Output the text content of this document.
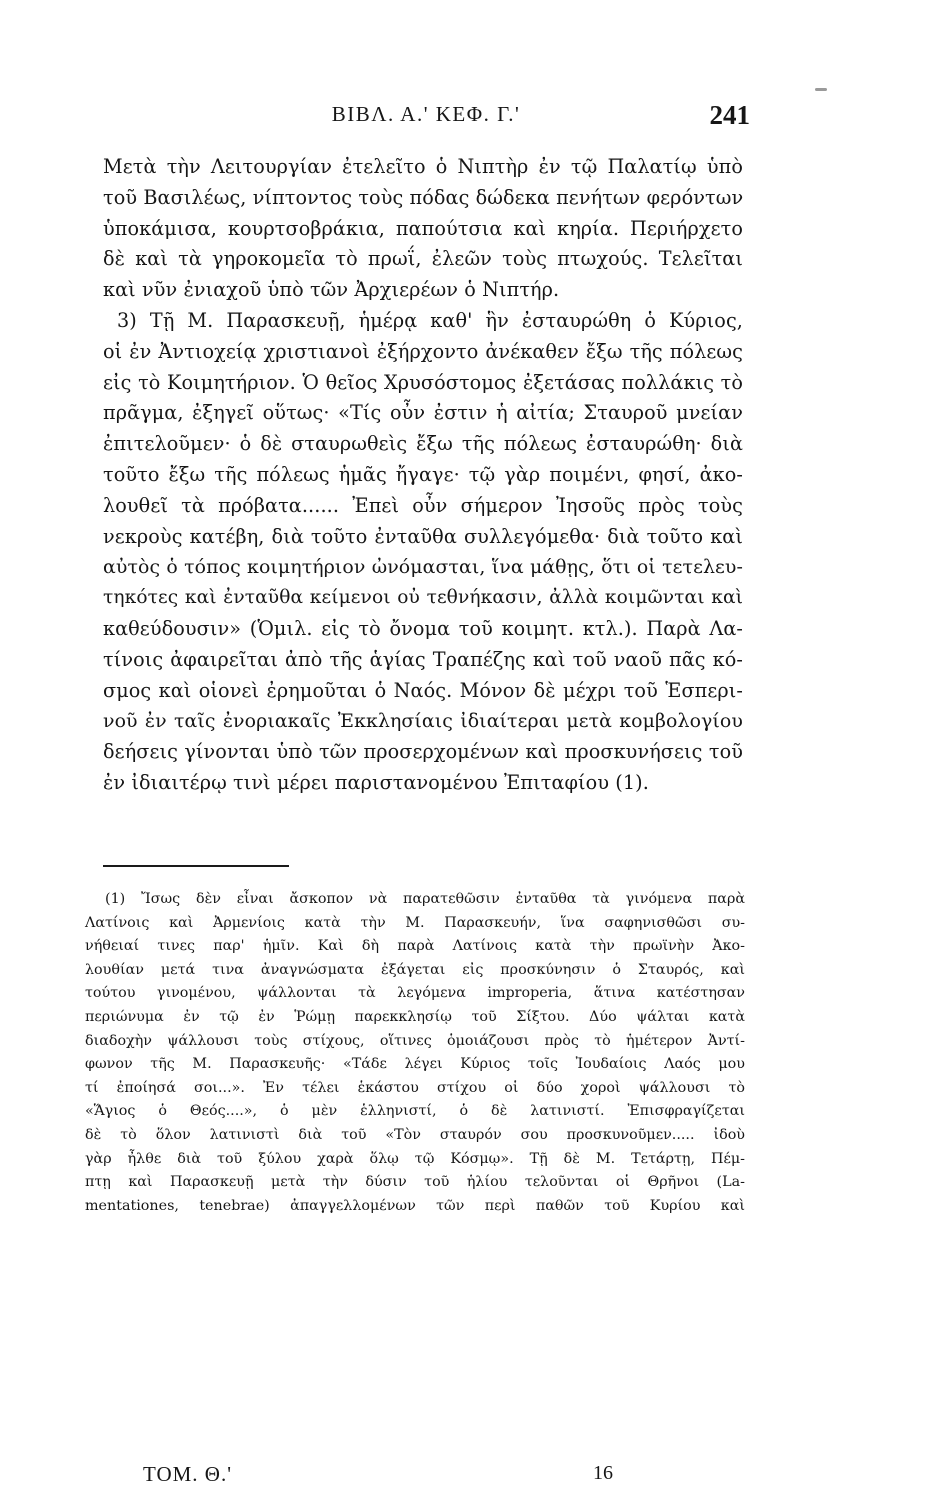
ΒΙΒΛ. Α.' ΚΕΦ. Γ.'	241
Μετὰ τὴν Λειτουργίαν ἐτελεῖτο ὁ Νιπτὴρ ἐν τῷ Παλατίῳ ὑπὸ
τοῦ Βασιλέως, νίπτοντος τοὺς πόδας δώδεκα πενήτων φερόντων
ὑποκάμισα, κουρτσοβράκια, παπούτσια καὶ κηρία. Περιήρχετο
δὲ καὶ τὰ γηροκομεῖα τὸ πρωΐ, ἐλεῶν τοὺς πτωχούς. Τελεῖται
καὶ νῦν ἐνιαχοῦ ὑπὸ τῶν Ἀρχιερέων ὁ Νιπτήρ.
3) Τῇ Μ. Παρασκευῇ, ἡμέρᾳ καθ' ἣν ἐσταυρώθη ὁ Κύριος,
οἱ ἐν Ἀντιοχείᾳ χριστιανοὶ ἐξήρχοντο ἀνέκαθεν ἔξω τῆς πόλεως
εἰς τὸ Κοιμητήριον. Ὁ θεῖος Χρυσόστομος ἐξετάσας πολλάκις τὸ
πρᾶγμα, ἐξηγεῖ οὕτως· «Τίς οὖν ἐστιν ἡ αἰτία; Σταυροῦ μνείαν
ἐπιτελοῦμεν· ὁ δὲ σταυρωθεὶς ἔξω τῆς πόλεως ἐσταυρώθη· διὰ
τοῦτο ἔξω τῆς πόλεως ἡμᾶς ἤγαγε· τῷ γὰρ ποιμένι, φησί, ἀκο-
λουθεῖ τὰ πρόβατα...... Ἐπεὶ οὖν σήμερον Ἰησοῦς πρὸς τοὺς
νεκροὺς κατέβη, διὰ τοῦτο ἐνταῦθα συλλεγόμεθα· διὰ τοῦτο καὶ
αὐτὸς ὁ τόπος κοιμητήριον ὠνόμασται, ἵνα μάθῃς, ὅτι οἱ τετελευ-
τηκότες καὶ ἐνταῦθα κείμενοι οὐ τεθνήκασιν, ἀλλὰ κοιμῶνται καὶ
καθεύδουσιν» (Ὁμιλ. εἰς τὸ ὄνομα τοῦ κοιμητ. κτλ.). Παρὰ Λα-
τίνοις ἀφαιρεῖται ἀπὸ τῆς ἁγίας Τραπέζης καὶ τοῦ ναοῦ πᾶς κό-
σμος καὶ οἱονεὶ ἐρημοῦται ὁ Ναός. Μόνον δὲ μέχρι τοῦ Ἑσπερι-
νοῦ ἐν ταῖς ἐνοριακαῖς Ἐκκλησίαις ἰδιαίτεραι μετὰ κομβολογίου
δεήσεις γίνονται ὑπὸ τῶν προσερχομένων καὶ προσκυνήσεις τοῦ
ἐν ἰδιαιτέρῳ τινὶ μέρει παριστανομένου Ἐπιταφίου (1).
(1) Ἴσως δὲν εἶναι ἄσκοπον νὰ παρατεθῶσιν ἐνταῦθα τὰ γινόμενα παρὰ
Λατίνοις καὶ Ἀρμενίοις κατὰ τὴν Μ. Παρασκευήν, ἵνα σαφηνισθῶσι συ-
νήθειαί τινες παρ' ἡμῖν. Καὶ δὴ παρὰ Λατίνοις κατὰ τὴν πρωϊνὴν Ἀκο-
λουθίαν μετά τινα ἀναγνώσματα ἐξάγεται εἰς προσκύνησιν ὁ Σταυρός, καὶ
τούτου γινομένου, ψάλλονται τὰ λεγόμενα improperia, ἅτινα κατέστησαν
περιώνυμα ἐν τῷ ἐν Ῥώμῃ παρεκκλησίῳ τοῦ Σίξτου. Δύο ψάλται κατὰ
διαδοχὴν ψάλλουσι τοὺς στίχους, οἵτινες ὁμοιάζουσι πρὸς τὸ ἡμέτερον Ἀντί-
φωνον τῆς Μ. Παρασκευῆς· «Τάδε λέγει Κύριος τοῖς Ἰουδαίοις Λαός μου
τί ἐποίησά σοι...». Ἐν τέλει ἑκάστου στίχου οἱ δύο χοροὶ ψάλλουσι τὸ
«Ἅγιος ὁ Θεός....», ὁ μὲν ἑλληνιστί, ὁ δὲ λατινιστί. Ἐπισφραγίζεται
δὲ τὸ ὅλον λατινιστὶ διὰ τοῦ «Τὸν σταυρόν σου προσκυνοῦμεν..... ἰδοὺ
γὰρ ἦλθε διὰ τοῦ ξύλου χαρὰ ὅλῳ τῷ Κόσμῳ». Τῇ δὲ Μ. Τετάρτῃ, Πέμ-
πτῃ καὶ Παρασκευῇ μετὰ τὴν δύσιν τοῦ ἡλίου τελοῦνται οἱ Θρῆνοι (La-
mentationes, tenebrae) ἀπαγγελλομένων τῶν περὶ παθῶν τοῦ Κυρίου καὶ
ΤΟΜ. Θ.'	16
